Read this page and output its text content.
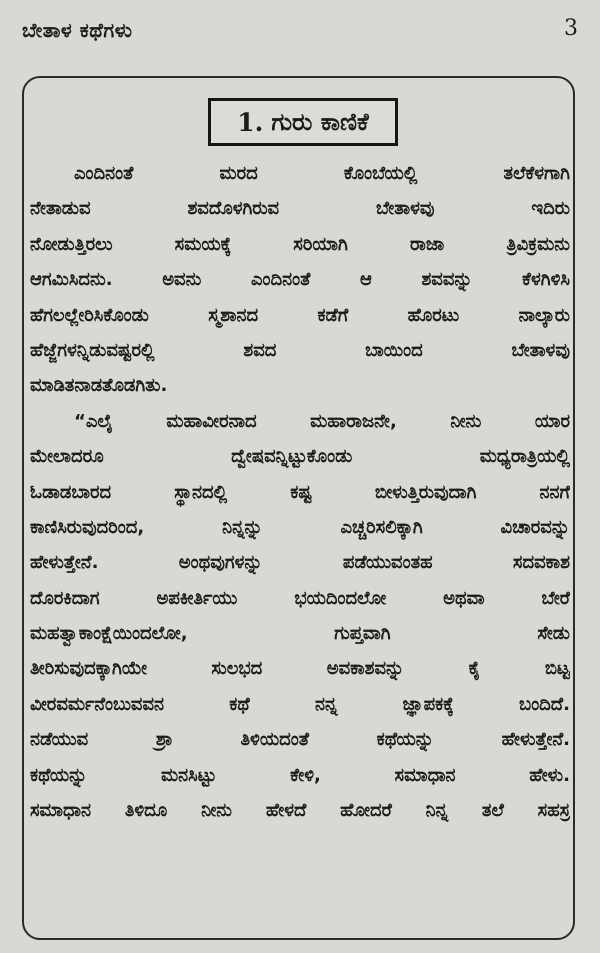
ಬೇತಾಳ ಕಥೆಗಳು	3
1. ಗುರು ಕಾಣಿಕೆ
ಎಂದಿನಂತೆ ಮರದ ಕೊಂಬೆಯಲ್ಲಿ ತಲೆಕೆಳಗಾಗಿ
ನೇತಾಡುವ ಶವದೊಳಗಿರುವ ಬೇತಾಳವು ಇದಿರು
ನೋಡುತ್ತಿರಲು ಸಮಯಕ್ಕೆ ಸರಿಯಾಗಿ ರಾಜಾ ತ್ರಿವಿಕ್ರಮನು
ಆಗಮಿಸಿದನು. ಅವನು ಎಂದಿನಂತೆ ಆ ಶವವನ್ನು ಕೆಳಗಿಳಿಸಿ
ಹೆಗಲಲ್ಲೇರಿಸಿಕೊಂಡು ಸ್ಮಶಾನದ ಕಡೆಗೆ ಹೊರಟು ನಾಲ್ಕಾರು
ಹೆಜ್ಜೆಗಳನ್ನಿಡುವಷ್ಟರಲ್ಲಿ ಶವದ ಬಾಯಿಂದ ಬೇತಾಳವು
ಮಾಡಿತನಾಡತೊಡಗಿತು.
“ಎಲೈ ಮಹಾವೀರನಾದ ಮಹಾರಾಜನೇ, ನೀನು ಯಾರ
ಮೇಲಾದರೂ ದ್ವೇಷವನ್ನಿಟ್ಟುಕೊಂಡು ಮಧ್ಯರಾತ್ರಿಯಲ್ಲಿ
ಓಡಾಡಬಾರದ ಸ್ಥಾನದಲ್ಲಿ ಕಷ್ಟ ಬೀಳುತ್ತಿರುವುದಾಗಿ ನನಗೆ
ಕಾಣಿಸಿರುವುದರಿಂದ, ನಿನ್ನನ್ನು ಎಚ್ಚರಿಸಲಿಕ್ಕಾಗಿ ವಿಚಾರವನ್ನು
ಹೇಳುತ್ತೇನೆ. ಅಂಥವುಗಳನ್ನು ಪಡೆಯುವಂತಹ ಸದವಕಾಶ
ದೊರಕಿದಾಗ ಅಪಕೀರ್ತಿಯು ಭಯದಿಂದಲೋ ಅಥವಾ ಬೇರೆ
ಮಹತ್ವಾಕಾಂಕ್ಷೆಯಿಂದಲೋ, ಗುಪ್ತವಾಗಿ ಸೇಡು
ತೀರಿಸುವುದಕ್ಕಾಗಿಯೇ ಸುಲಭದ ಅವಕಾಶವನ್ನು ಕೈ ಬಿಟ್ಟ
ವೀರವರ್ಮನೆಂಬುವವನ ಕಥೆ ನನ್ನ ಜ್ಞಾಪಕಕ್ಕೆ ಬಂದಿದೆ.
ನಡೆಯುವ ಶ್ರಾ ತಿಳಿಯದಂತೆ ಕಥೆಯನ್ನು ಹೇಳುತ್ತೇನೆ.
ಕಥೆಯನ್ನು ಮನಸಿಟ್ಟು ಕೇಳಿ, ಸಮಾಧಾನ ಹೇಳು.
ಸಮಾಧಾನ ತಿಳಿದೂ ನೀನು ಹೇಳದೆ ಹೋದರೆ ನಿನ್ನ ತಲೆ ಸಹಸ್ರ
